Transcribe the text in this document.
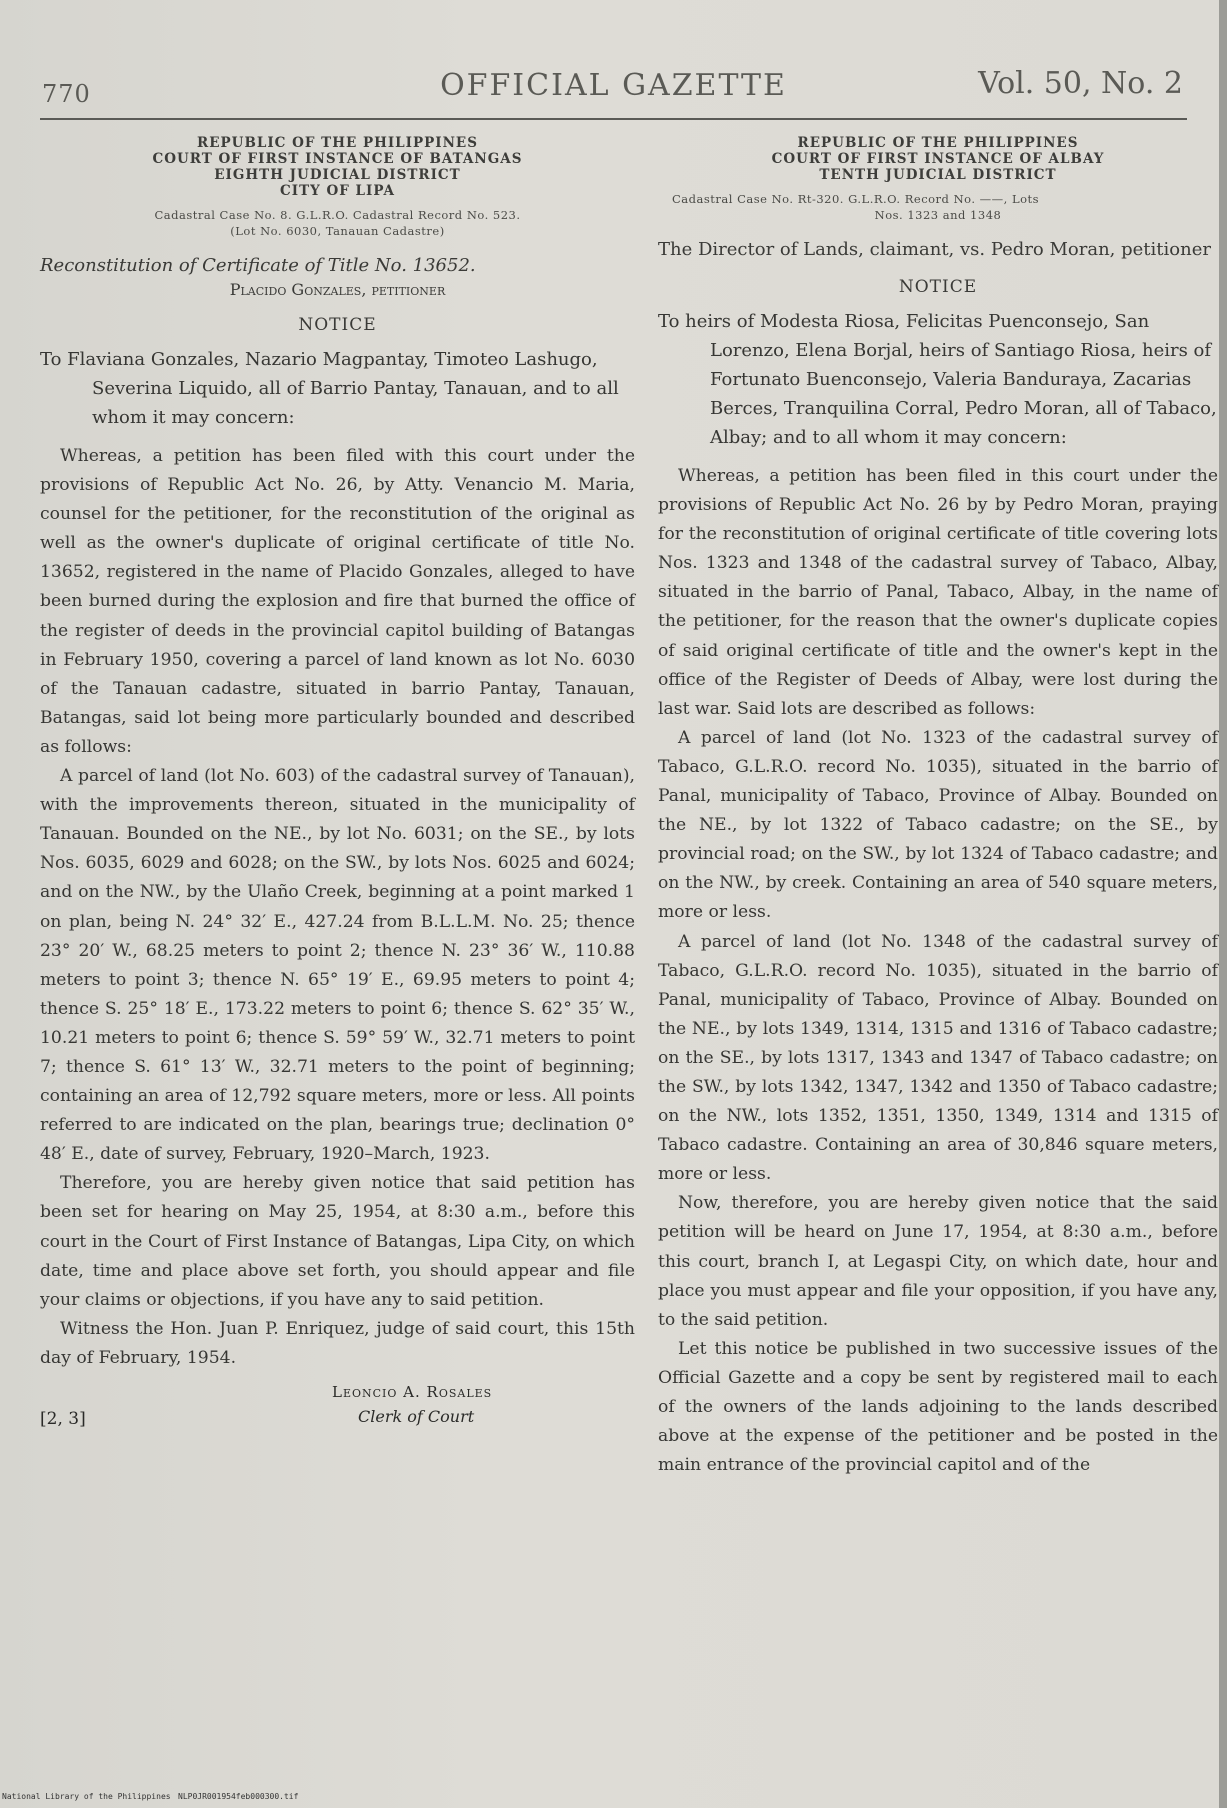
770	OFFICIAL GAZETTE	Vol. 50, No. 2
REPUBLIC OF THE PHILIPPINES
COURT OF FIRST INSTANCE OF BATANGAS
EIGHTH JUDICIAL DISTRICT
CITY OF LIPA
Cadastral Case No. 8. G.L.R.O. Cadastral Record No. 523.
(Lot No. 6030, Tanauan Cadastre)
Reconstitution of Certificate of Title No. 13652.
Placido Gonzales, petitioner
NOTICE

To Flaviana Gonzales, Nazario Magpantay, Timoteo Lashugo, Severina Liquido, all of Barrio Pantay, Tanauan, and to all whom it may concern:

Whereas, a petition has been filed with this court under the provisions of Republic Act No. 26, by Atty. Venancio M. Maria, counsel for the petitioner, for the reconstitution of the original as well as the owner's duplicate of original certificate of title No. 13652, registered in the name of Placido Gonzales, alleged to have been burned during the explosion and fire that burned the office of the register of deeds in the provincial capitol building of Batangas in February 1950, covering a parcel of land known as lot No. 6030 of the Tanauan cadastre, situated in barrio Pantay, Tanauan, Batangas, said lot being more particularly bounded and described as follows:

A parcel of land (lot No. 603) of the cadastral survey of Tanauan), with the improvements thereon, situated in the municipality of Tanauan. Bounded on the NE., by lot No. 6031; on the SE., by lots Nos. 6035, 6029 and 6028; on the SW., by lots Nos. 6025 and 6024; and on the NW., by the Ulaño Creek, beginning at a point marked 1 on plan, being N. 24° 32′ E., 427.24 from B.L.L.M. No. 25; thence 23° 20′ W., 68.25 meters to point 2; thence N. 23° 36′ W., 110.88 meters to point 3; thence N. 65° 19′ E., 69.95 meters to point 4; thence S. 25° 18′ E., 173.22 meters to point 6; thence S. 62° 35′ W., 10.21 meters to point 6; thence S. 59° 59′ W., 32.71 meters to point 7; thence S. 61° 13′ W., 32.71 meters to the point of beginning; containing an area of 12,792 square meters, more or less. All points referred to are indicated on the plan, bearings true; declination 0° 48′ E., date of survey, February, 1920–March, 1923.

Therefore, you are hereby given notice that said petition has been set for hearing on May 25, 1954, at 8:30 a.m., before this court in the Court of First Instance of Batangas, Lipa City, on which date, time and place above set forth, you should appear and file your claims or objections, if you have any to said petition.

Witness the Hon. Juan P. Enriquez, judge of said court, this 15th day of February, 1954.

Leoncio A. Rosales
Clerk of Court
[2, 3]
REPUBLIC OF THE PHILIPPINES
COURT OF FIRST INSTANCE OF ALBAY
TENTH JUDICIAL DISTRICT
Cadastral Case No. Rt-320. G.L.R.O. Record No. ——, Lots
Nos. 1323 and 1348
The Director of Lands, claimant, vs. Pedro Moran, petitioner
NOTICE

To heirs of Modesta Riosa, Felicitas Puenconsejo, San Lorenzo, Elena Borjal, heirs of Santiago Riosa, heirs of Fortunato Buenconsejo, Valeria Banduraya, Zacarias Berces, Tranquilina Corral, Pedro Moran, all of Tabaco, Albay; and to all whom it may concern:

Whereas, a petition has been filed in this court under the provisions of Republic Act No. 26 by by Pedro Moran, praying for the reconstitution of original certificate of title covering lots Nos. 1323 and 1348 of the cadastral survey of Tabaco, Albay, situated in the barrio of Panal, Tabaco, Albay, in the name of the petitioner, for the reason that the owner's duplicate copies of said original certificate of title and the owner's kept in the office of the Register of Deeds of Albay, were lost during the last war. Said lots are described as follows:

A parcel of land (lot No. 1323 of the cadastral survey of Tabaco, G.L.R.O. record No. 1035), situated in the barrio of Panal, municipality of Tabaco, Province of Albay. Bounded on the NE., by lot 1322 of Tabaco cadastre; on the SE., by provincial road; on the SW., by lot 1324 of Tabaco cadastre; and on the NW., by creek. Containing an area of 540 square meters, more or less.

A parcel of land (lot No. 1348 of the cadastral survey of Tabaco, G.L.R.O. record No. 1035), situated in the barrio of Panal, municipality of Tabaco, Province of Albay. Bounded on the NE., by lots 1349, 1314, 1315 and 1316 of Tabaco cadastre; on the SE., by lots 1317, 1343 and 1347 of Tabaco cadastre; on the SW., by lots 1342, 1347, 1342 and 1350 of Tabaco cadastre; on the NW., lots 1352, 1351, 1350, 1349, 1314 and 1315 of Tabaco cadastre. Containing an area of 30,846 square meters, more or less.

Now, therefore, you are hereby given notice that the said petition will be heard on June 17, 1954, at 8:30 a.m., before this court, branch I, at Legaspi City, on which date, hour and place you must appear and file your opposition, if you have any, to the said petition.

Let this notice be published in two successive issues of the Official Gazette and a copy be sent by registered mail to each of the owners of the lands adjoining to the lands described above at the expense of the petitioner and be posted in the main entrance of the provincial capitol and of the

National Library of the Philippines NLP0JR001954feb000300.tif
